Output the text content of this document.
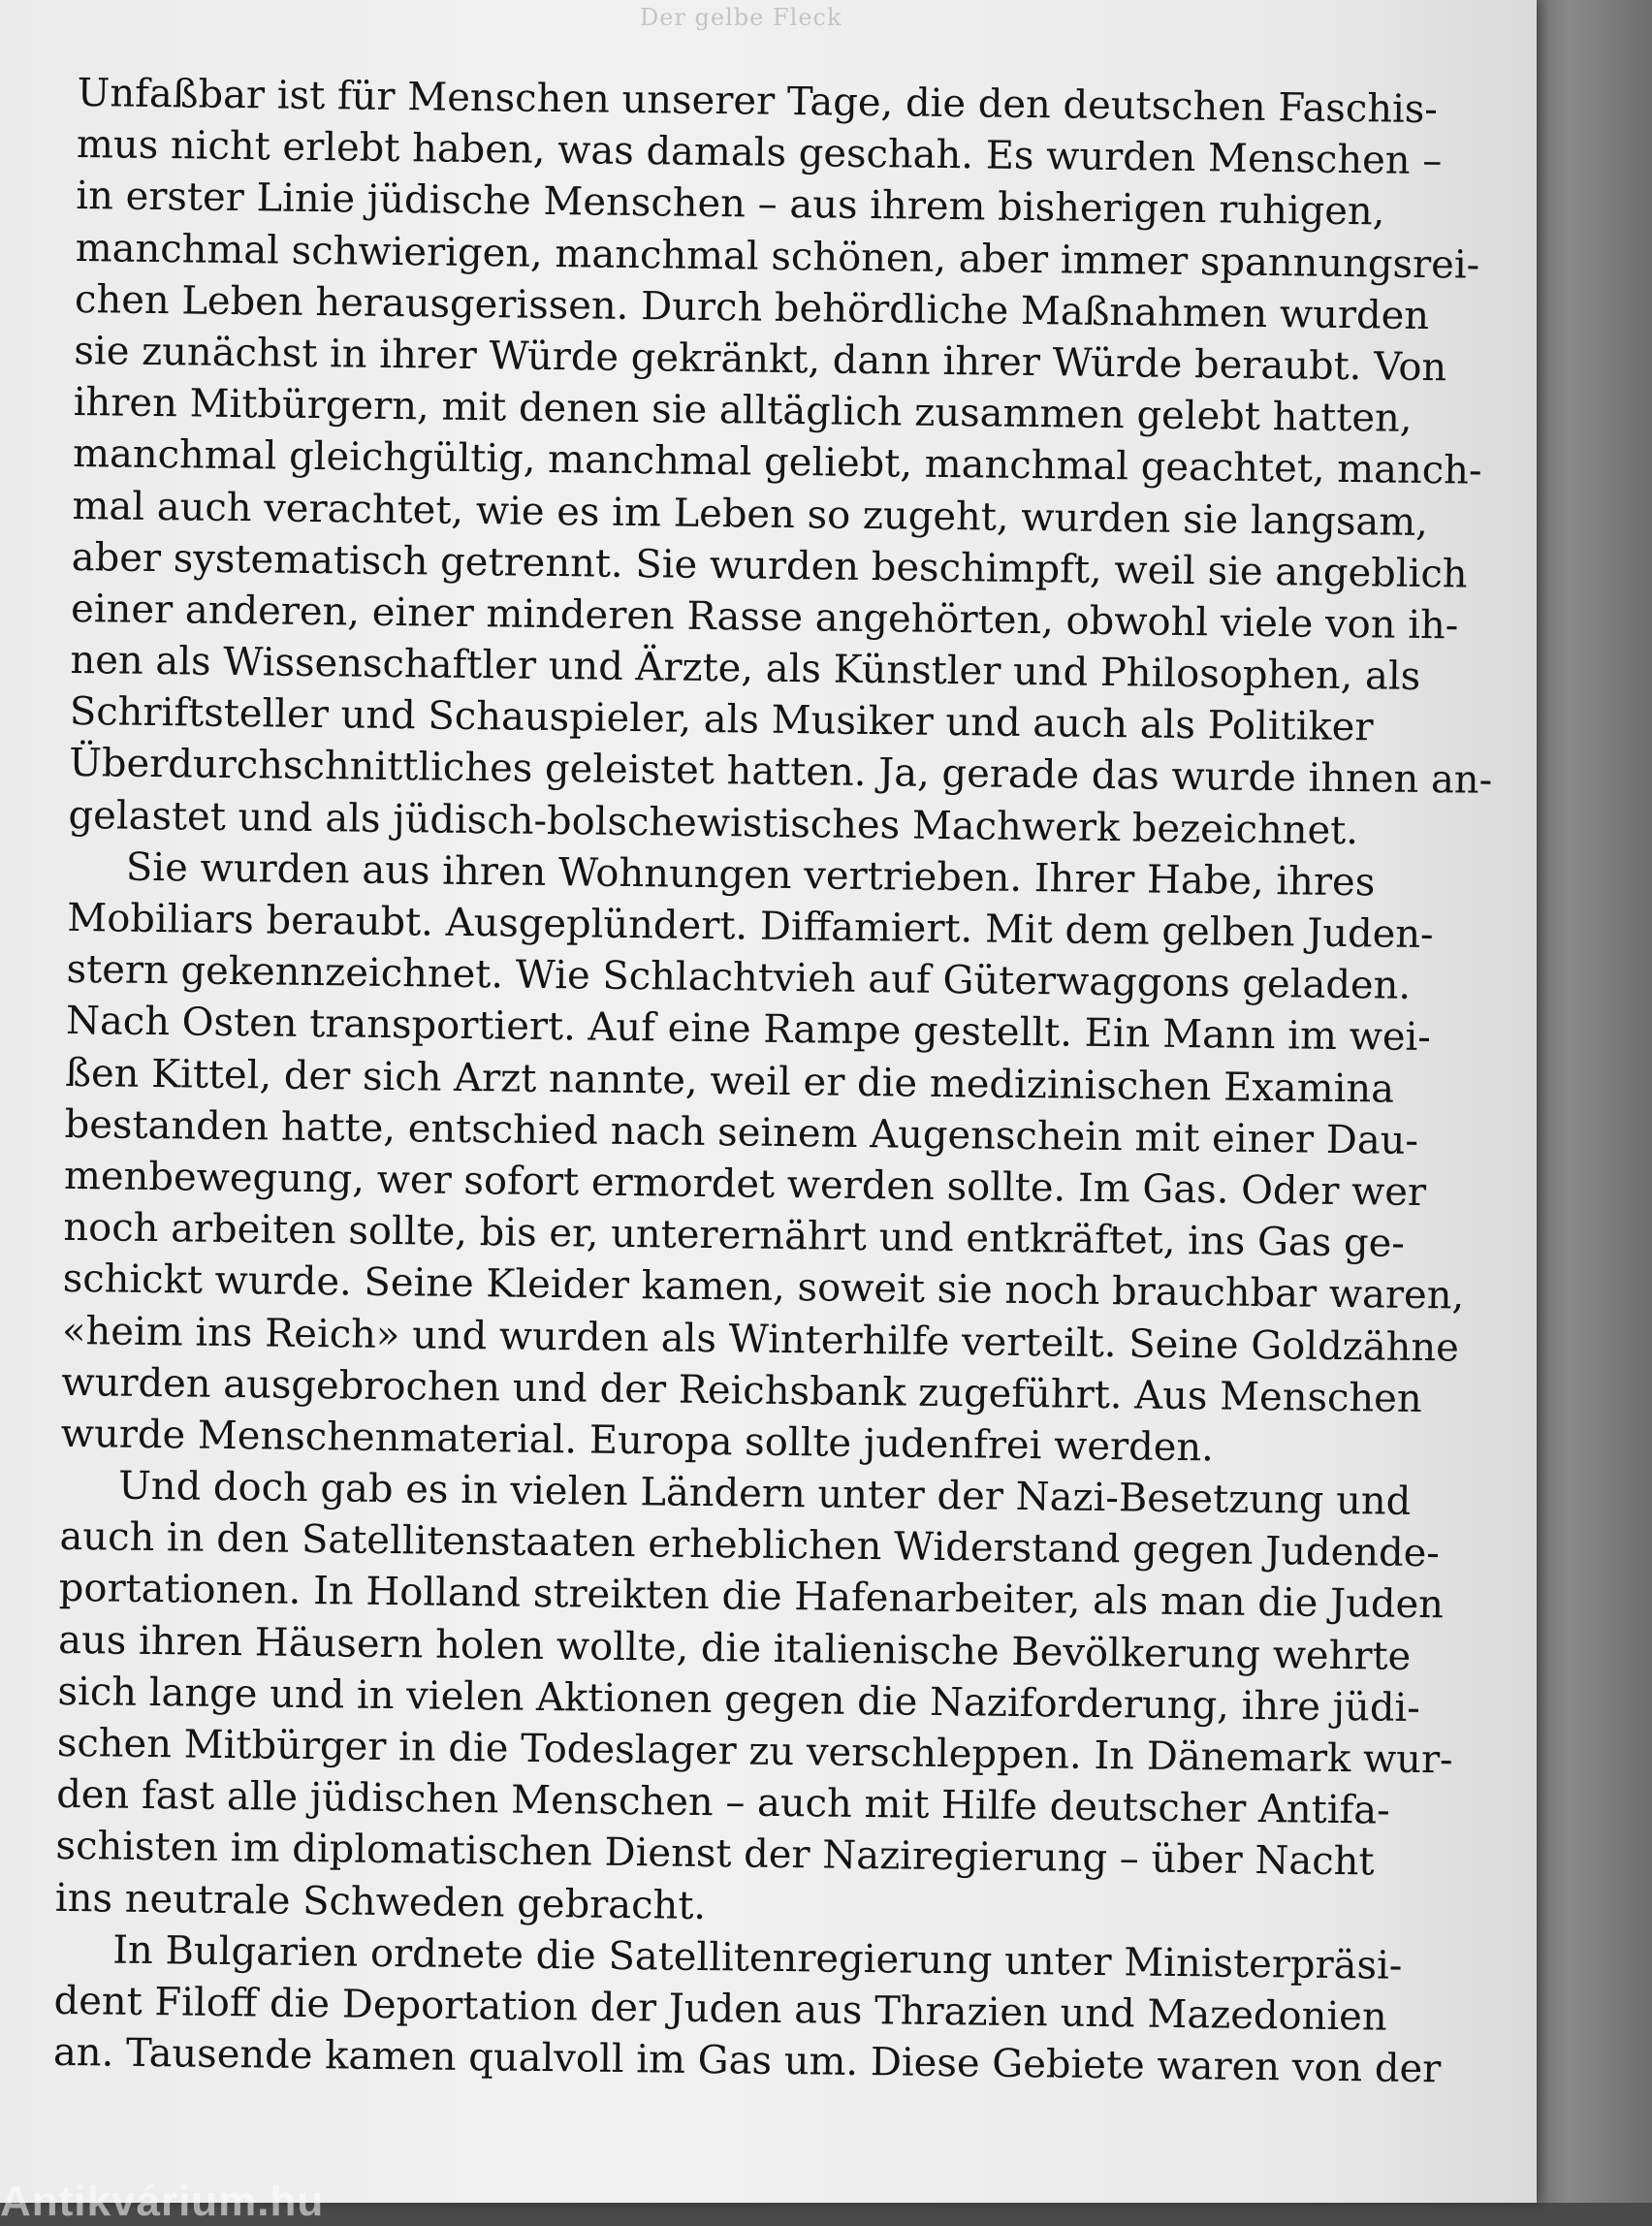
Der gelbe Fleck
Unfaßbar ist für Menschen unserer Tage, die den deutschen Faschis-
mus nicht erlebt haben, was damals geschah. Es wurden Menschen –
in erster Linie jüdische Menschen – aus ihrem bisherigen ruhigen,
manchmal schwierigen, manchmal schönen, aber immer spannungsrei-
chen Leben herausgerissen. Durch behördliche Maßnahmen wurden
sie zunächst in ihrer Würde gekränkt, dann ihrer Würde beraubt. Von
ihren Mitbürgern, mit denen sie alltäglich zusammen gelebt hatten,
manchmal gleichgültig, manchmal geliebt, manchmal geachtet, manch-
mal auch verachtet, wie es im Leben so zugeht, wurden sie langsam,
aber systematisch getrennt. Sie wurden beschimpft, weil sie angeblich
einer anderen, einer minderen Rasse angehörten, obwohl viele von ih-
nen als Wissenschaftler und Ärzte, als Künstler und Philosophen, als
Schriftsteller und Schauspieler, als Musiker und auch als Politiker
Überdurchschnittliches geleistet hatten. Ja, gerade das wurde ihnen an-
gelastet und als jüdisch-bolschewistisches Machwerk bezeichnet.
Sie wurden aus ihren Wohnungen vertrieben. Ihrer Habe, ihres
Mobiliars beraubt. Ausgeplündert. Diffamiert. Mit dem gelben Juden-
stern gekennzeichnet. Wie Schlachtvieh auf Güterwaggons geladen.
Nach Osten transportiert. Auf eine Rampe gestellt. Ein Mann im wei-
ßen Kittel, der sich Arzt nannte, weil er die medizinischen Examina
bestanden hatte, entschied nach seinem Augenschein mit einer Dau-
menbewegung, wer sofort ermordet werden sollte. Im Gas. Oder wer
noch arbeiten sollte, bis er, unterernährt und entkräftet, ins Gas ge-
schickt wurde. Seine Kleider kamen, soweit sie noch brauchbar waren,
«heim ins Reich» und wurden als Winterhilfe verteilt. Seine Goldzähne
wurden ausgebrochen und der Reichsbank zugeführt. Aus Menschen
wurde Menschenmaterial. Europa sollte judenfrei werden.
Und doch gab es in vielen Ländern unter der Nazi-Besetzung und
auch in den Satellitenstaaten erheblichen Widerstand gegen Judende-
portationen. In Holland streikten die Hafenarbeiter, als man die Juden
aus ihren Häusern holen wollte, die italienische Bevölkerung wehrte
sich lange und in vielen Aktionen gegen die Naziforderung, ihre jüdi-
schen Mitbürger in die Todeslager zu verschleppen. In Dänemark wur-
den fast alle jüdischen Menschen – auch mit Hilfe deutscher Antifa-
schisten im diplomatischen Dienst der Naziregierung – über Nacht
ins neutrale Schweden gebracht.
In Bulgarien ordnete die Satellitenregierung unter Ministerpräsi-
dent Filoff die Deportation der Juden aus Thrazien und Mazedonien
an. Tausende kamen qualvoll im Gas um. Diese Gebiete waren von der
Antikvárium.hu
